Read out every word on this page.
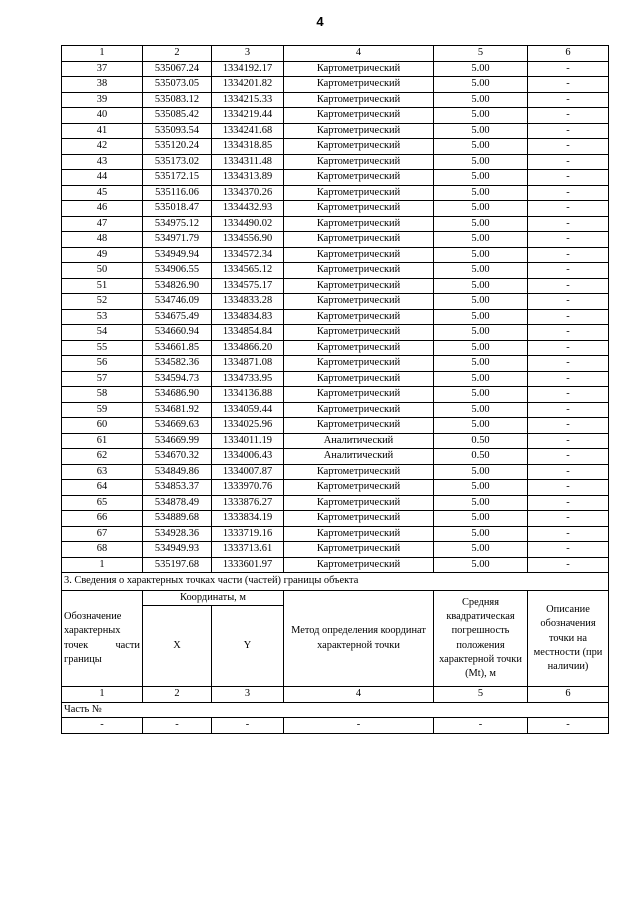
4
1	2	3	4	5	6
37	535067.24	1334192.17	Картометрический	5.00	-
38	535073.05	1334201.82	Картометрический	5.00	-
39	535083.12	1334215.33	Картометрический	5.00	-
40	535085.42	1334219.44	Картометрический	5.00	-
41	535093.54	1334241.68	Картометрический	5.00	-
42	535120.24	1334318.85	Картометрический	5.00	-
43	535173.02	1334311.48	Картометрический	5.00	-
44	535172.15	1334313.89	Картометрический	5.00	-
45	535116.06	1334370.26	Картометрический	5.00	-
46	535018.47	1334432.93	Картометрический	5.00	-
47	534975.12	1334490.02	Картометрический	5.00	-
48	534971.79	1334556.90	Картометрический	5.00	-
49	534949.94	1334572.34	Картометрический	5.00	-
50	534906.55	1334565.12	Картометрический	5.00	-
51	534826.90	1334575.17	Картометрический	5.00	-
52	534746.09	1334833.28	Картометрический	5.00	-
53	534675.49	1334834.83	Картометрический	5.00	-
54	534660.94	1334854.84	Картометрический	5.00	-
55	534661.85	1334866.20	Картометрический	5.00	-
56	534582.36	1334871.08	Картометрический	5.00	-
57	534594.73	1334733.95	Картометрический	5.00	-
58	534686.90	1334136.88	Картометрический	5.00	-
59	534681.92	1334059.44	Картометрический	5.00	-
60	534669.63	1334025.96	Картометрический	5.00	-
61	534669.99	1334011.19	Аналитический	0.50	-
62	534670.32	1334006.43	Аналитический	0.50	-
63	534849.86	1334007.87	Картометрический	5.00	-
64	534853.37	1333970.76	Картометрический	5.00	-
65	534878.49	1333876.27	Картометрический	5.00	-
66	534889.68	1333834.19	Картометрический	5.00	-
67	534928.36	1333719.16	Картометрический	5.00	-
68	534949.93	1333713.61	Картометрический	5.00	-
1	535197.68	1333601.97	Картометрический	5.00	-
3. Сведения о характерных точках части (частей) границы объекта					
Обозначение характерных точек части границы	Координаты, м		Метод определения координат характерной точки	Средняя квадратическая погрешность положения характерной точки (Mt), м	Описание обозначения точки на местности (при наличии)
	X	Y			
1	2	3	4	5	6
Часть №					
-	-	-	-	-	-
